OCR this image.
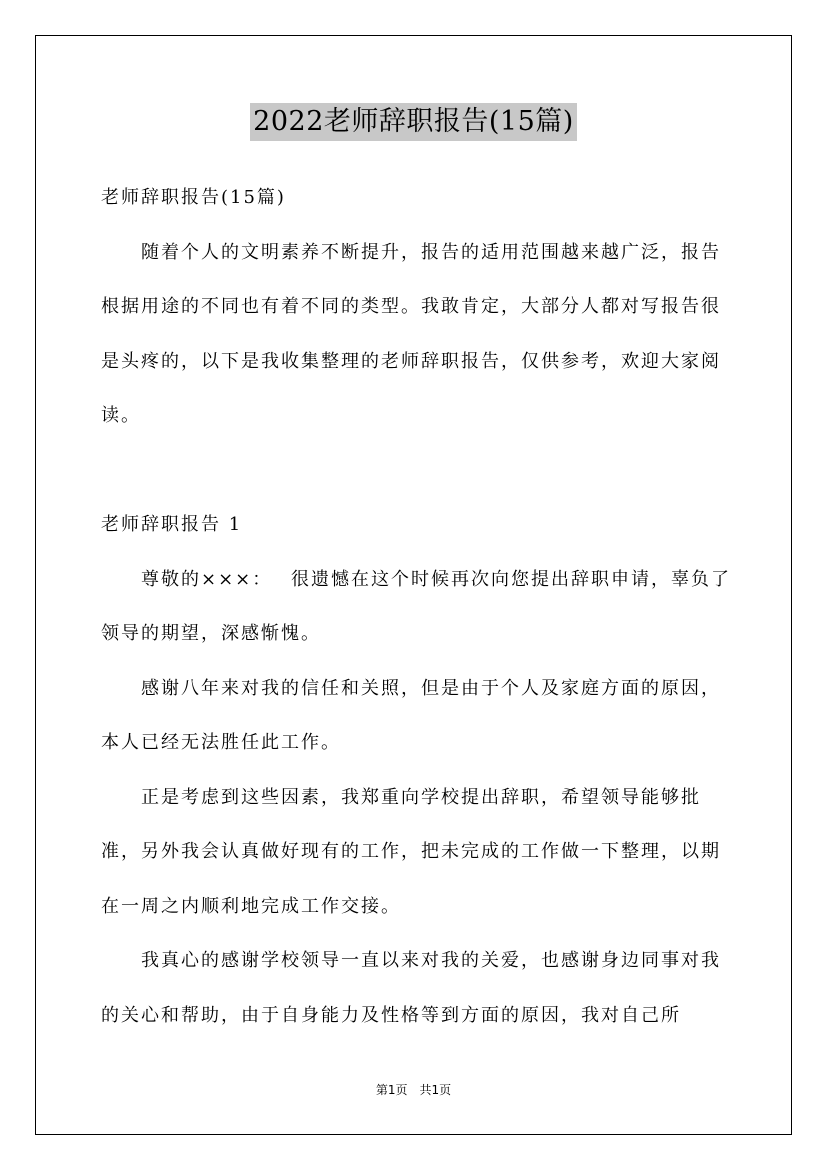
2022老师辞职报告(15篇)

老师辞职报告(15篇)

随着个人的文明素养不断提升，报告的适用范围越来越广泛，报告根据用途的不同也有着不同的类型。我敢肯定，大部分人都对写报告很是头疼的，以下是我收集整理的老师辞职报告，仅供参考，欢迎大家阅读。

老师辞职报告 1

尊敬的×××：　 很遗憾在这个时候再次向您提出辞职申请，辜负了领导的期望，深感惭愧。

感谢八年来对我的信任和关照，但是由于个人及家庭方面的原因，本人已经无法胜任此工作。

正是考虑到这些因素，我郑重向学校提出辞职，希望领导能够批准，另外我会认真做好现有的工作，把未完成的工作做一下整理，以期在一周之内顺利地完成工作交接。

我真心的感谢学校领导一直以来对我的关爱，也感谢身边同事对我的关心和帮助，由于自身能力及性格等到方面的原因，我对自己所

第1页　共1页
